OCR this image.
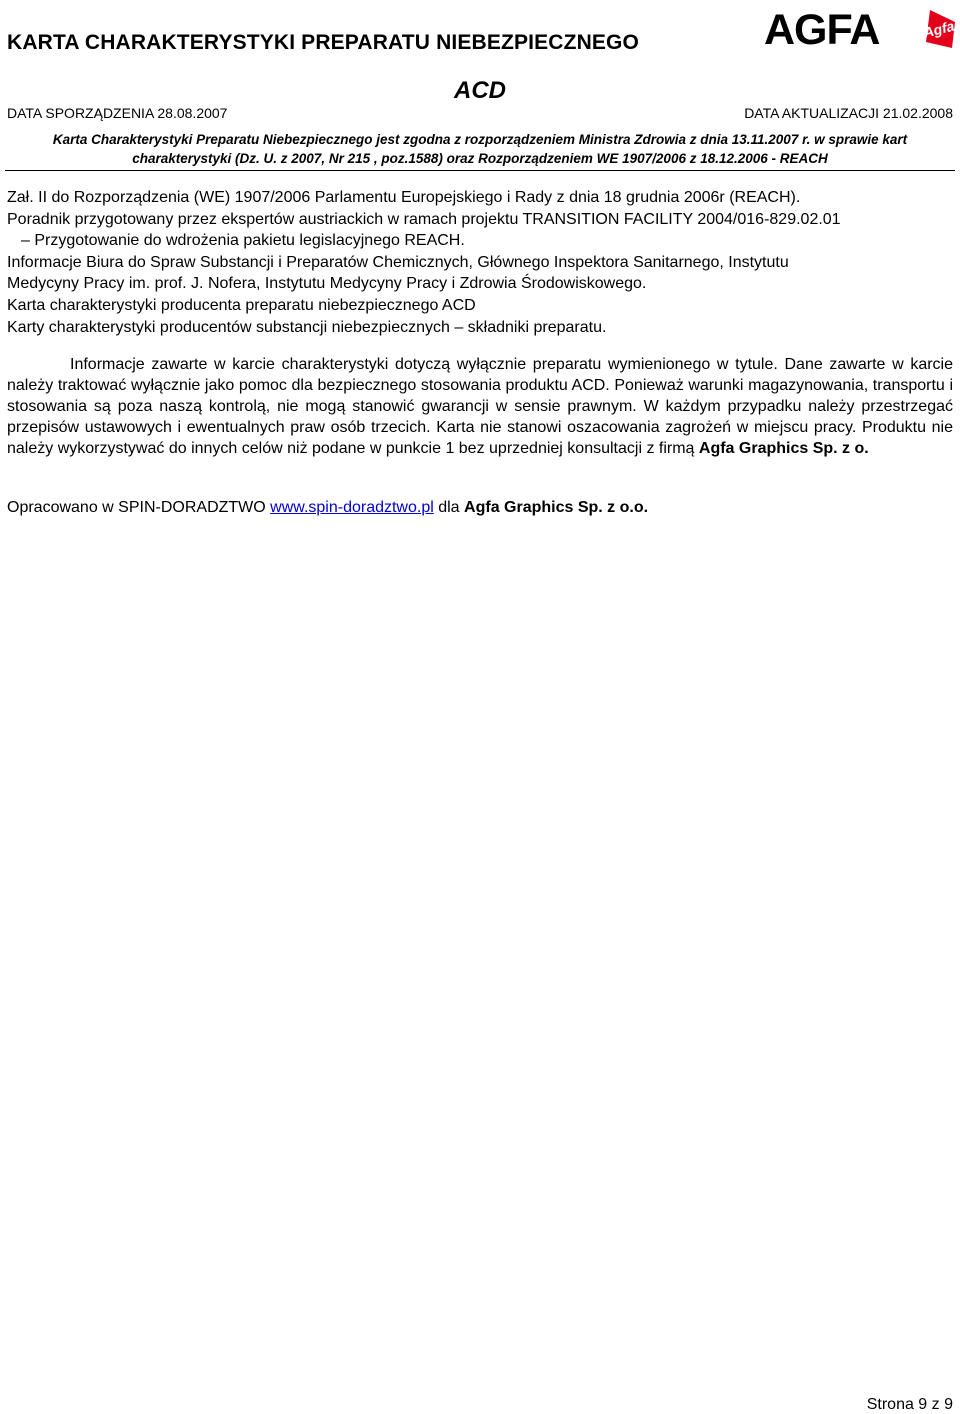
KARTA CHARAKTERYSTYKI PREPARATU NIEBEZPIECZNEGO	AGFA	Agfa
ACD
DATA SPORZĄDZENIA 28.08.2007	DATA AKTUALIZACJI 21.02.2008
Karta Charakterystyki Preparatu Niebezpiecznego jest zgodna z rozporządzeniem Ministra Zdrowia z dnia 13.11.2007 r. w sprawie kart
charakterystyki (Dz. U. z 2007, Nr 215 , poz.1588) oraz Rozporządzeniem WE 1907/2006 z 18.12.2006 - REACH

Zał. II do Rozporządzenia (WE) 1907/2006 Parlamentu Europejskiego i Rady z dnia 18 grudnia 2006r (REACH).

Poradnik przygotowany przez ekspertów austriackich w ramach projektu TRANSITION FACILITY 2004/016-829.02.01

– Przygotowanie do wdrożenia pakietu legislacyjnego REACH.

Informacje Biura do Spraw Substancji i Preparatów Chemicznych, Głównego Inspektora Sanitarnego, Instytutu

Medycyny Pracy im. prof. J. Nofera, Instytutu Medycyny Pracy i Zdrowia Środowiskowego.

Karta charakterystyki producenta preparatu niebezpiecznego ACD

Karty charakterystyki producentów substancji niebezpiecznych – składniki preparatu.

Informacje zawarte w karcie charakterystyki dotyczą wyłącznie preparatu wymienionego w tytule. Dane zawarte w karcie należy traktować wyłącznie jako pomoc dla bezpiecznego stosowania produktu ACD. Ponieważ warunki magazynowania, transportu i stosowania są poza naszą kontrolą, nie mogą stanowić gwarancji w sensie prawnym. W każdym przypadku należy przestrzegać przepisów ustawowych i ewentualnych praw osób trzecich. Karta nie stanowi oszacowania zagrożeń w miejscu pracy. Produktu nie należy wykorzystywać do innych celów niż podane w punkcie 1 bez uprzedniej konsultacji z firmą Agfa Graphics Sp. z o.

Opracowano w SPIN-DORADZTWO www.spin-doradztwo.pl dla Agfa Graphics Sp. z o.o.
Strona 9 z 9
